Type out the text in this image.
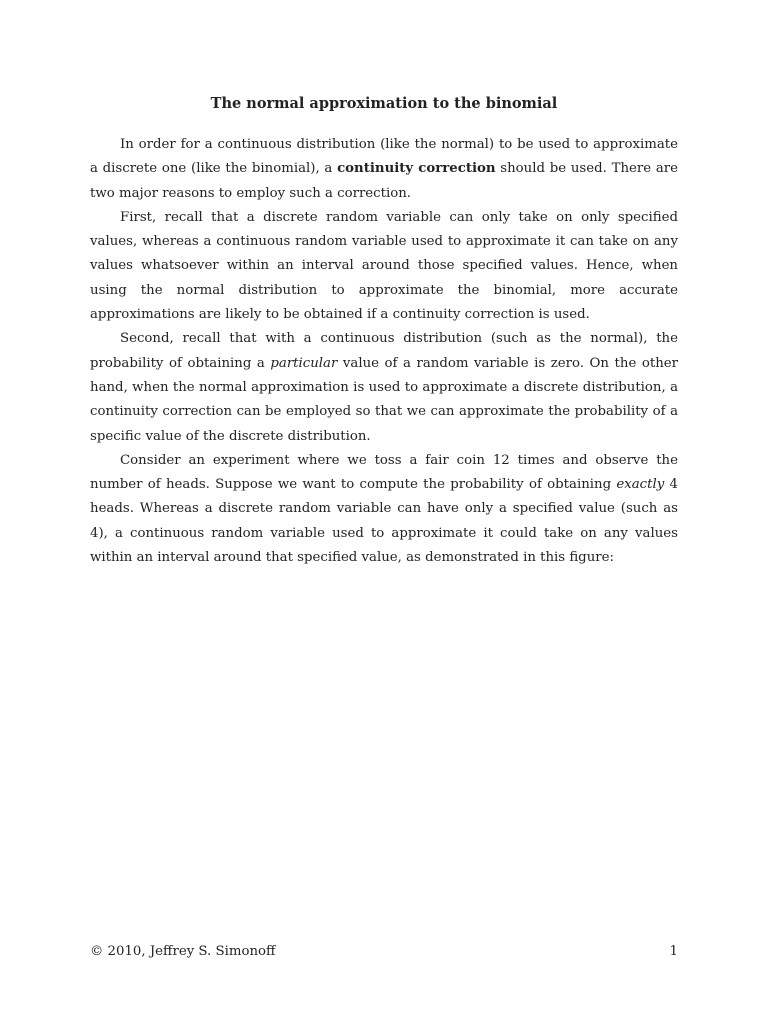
The normal approximation to the binomial

In order for a continuous distribution (like the normal) to be used to approximate a discrete one (like the binomial), a continuity correction should be used. There are two major reasons to employ such a correction.

First, recall that a discrete random variable can only take on only specified values, whereas a continuous random variable used to approximate it can take on any values whatsoever within an interval around those specified values. Hence, when using the normal distribution to approximate the binomial, more accurate approximations are likely to be obtained if a continuity correction is used.

Second, recall that with a continuous distribution (such as the normal), the probability of obtaining a particular value of a random variable is zero. On the other hand, when the normal approximation is used to approximate a discrete distribution, a continuity correction can be employed so that we can approximate the probability of a specific value of the discrete distribution.

Consider an experiment where we toss a fair coin 12 times and observe the number of heads. Suppose we want to compute the probability of obtaining exactly 4 heads. Whereas a discrete random variable can have only a specified value (such as 4), a continuous random variable used to approximate it could take on any values within an interval around that specified value, as demonstrated in this figure:

© 2010, Jeffrey S. Simonoff	1
